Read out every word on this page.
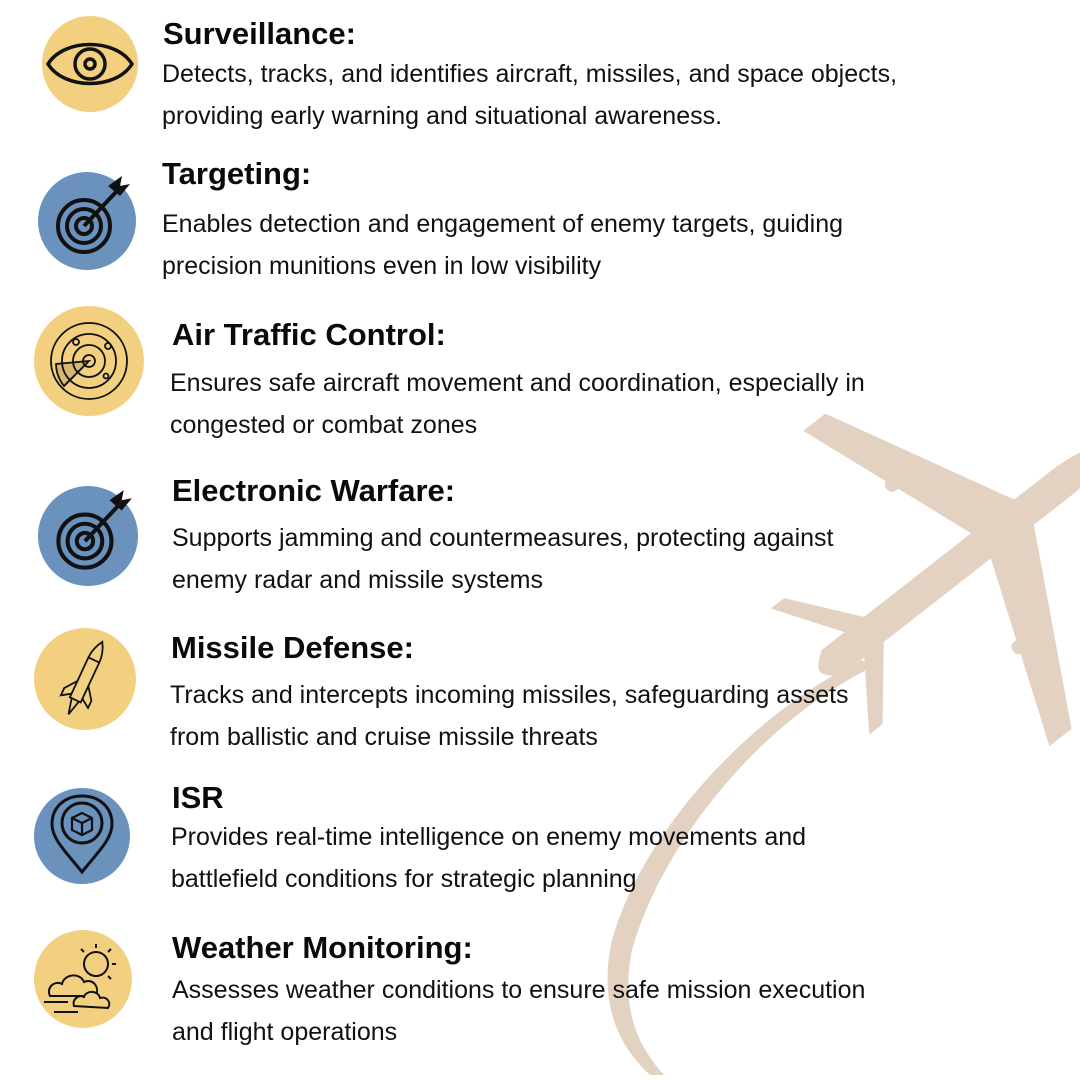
Surveillance:
Detects, tracks, and identifies aircraft, missiles, and space objects,
providing early warning and situational awareness.
Targeting:
Enables detection and engagement of enemy targets, guiding
precision munitions even in low visibility
Air Traffic Control:
Ensures safe aircraft movement and coordination, especially in
congested or combat zones
Electronic Warfare:
Supports jamming and countermeasures, protecting against
enemy radar and missile systems
Missile Defense:
Tracks and intercepts incoming missiles, safeguarding assets
from ballistic and cruise missile threats
ISR
Provides real-time intelligence on enemy movements and
battlefield conditions for strategic planning
Weather Monitoring:
Assesses weather conditions to ensure safe mission execution
and flight operations
